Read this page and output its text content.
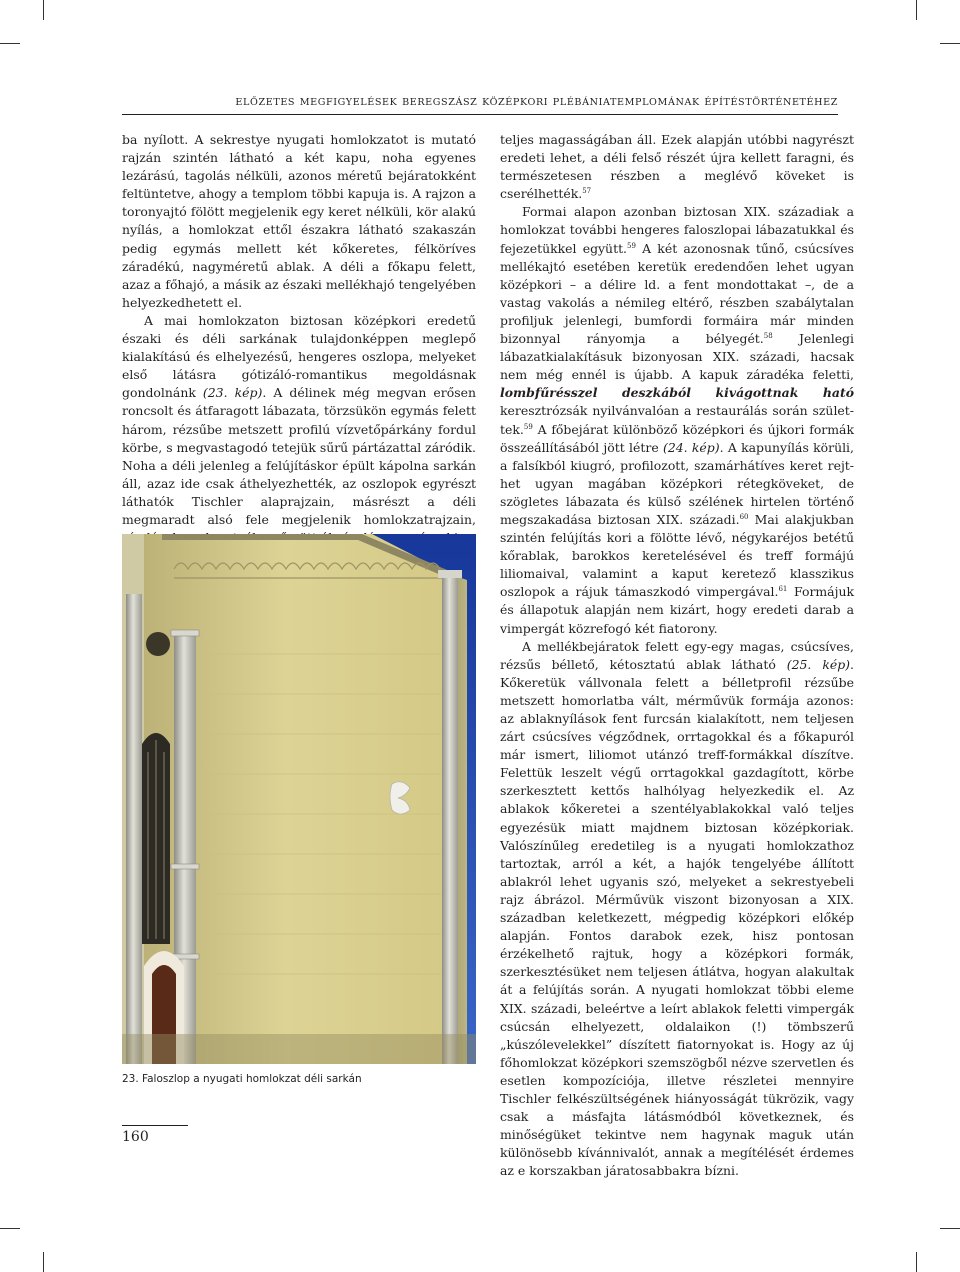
ELŐZETES MEGFIGYELÉSEK BEREGSZÁSZ KÖZÉPKORI PLÉBÁNIATEMPLOMÁNAK ÉPÍTÉSTÖRTÉNETÉHEZ

ba nyílott. A sekrestye nyugati homlokzatot is mutató rajzán szintén látható a két kapu, noha egyenes lezárású, tagolás nélküli, azonos méretű bejáratokként feltüntetve, ahogy a templom többi kapuja is. A rajzon a toronyajtó fölött megjelenik egy keret nélküli, kör alakú nyílás, a homlokzat ettől északra látható szakaszán pedig egymás mellett két kőkeretes, félköríves záradékú, nagyméretű ablak. A déli a főkapu felett, azaz a főhajó, a másik az északi mellékhajó tengelyében helyezkedhetett el.

A mai homlokzaton biztosan középkori eredetű északi és déli sarkának tulajdonképpen meglepő kialakítású és elhelyezésű, hengeres oszlopa, melyeket első látásra gótizáló-romantikus megoldásnak gondolnánk (23. kép). A délinek még megvan erősen roncsolt és átfaragott lábazata, törzsükön egymás felett három, rézsűbe metszett profilú vízvetőpárkány fordul körbe, s megvastagodó tetejük sűrű pártázattal záródik. Noha a déli jelenleg a felújításkor épült kápolna sarkán áll, azaz ide csak áthelyezhették, az oszlopok egyrészt láthatók Tischler alaprajzain, másrészt a déli megmaradt alsó fele megjelenik homlokzatrajzain,

23. Faloszlop a nyugati homlokzat déli sarkán

teljes magasságában áll. Ezek alapján utóbbi nagyrészt eredeti lehet, a déli felső részét újra kellett faragni, és természetesen részben a meglévő köveket is cserélhették.$^{57}$

Formai alapon azonban biztosan XIX. századiak a homlokzat további hengeres faloszlopai lábazatukkal és fejezetükkel együtt.$^{59}$ A két azonosnak tűnő, csúcsíves mellékajtó esetében keretük eredendően lehet ugyan középkori – a délire ld. a fent mondottakat –, de a vastag vakolás a némileg eltérő, részben szabálytalan profiljuk jelenlegi, bumfordi formáira már minden bizonnyal rányomja a bélyegét.$^{58}$ Jelenlegi lábazatkialakításuk bizonyosan XIX. századi, hacsak nem még ennél is újabb. A kapuk záradéka feletti, lombfűrésszel deszkából kivágottnak ható keresztrózsák nyilvánvalóan a restaurálás során születtek.$^{59}$ A főbejárat különböző középkori és újkori formák összeállításából jött létre (24. kép). A kapunyílás körüli, a falsíkból kiugró, profilozott, szamárhátíves keret rejthet ugyan magában középkori rétegköveket, de szögletes lábazata és külső szélének hirtelen történő megszakadása biztosan XIX. századi.$^{60}$ Mai alakjukban szintén felújítás kori a fölötte lévő, négykaréjos betétű kőrablak, barokkos keretelésével és treff formájú liliomaival, valamint a kaput keretező klasszikus oszlopok a rájuk támaszkodó vimpergával.$^{61}$ Formájuk és állapotuk alapján nem kizárt, hogy eredeti darab a vimpergát közrefogó két fiatorony.

A mellékbejáratok felett egy-egy magas, csúcsíves, rézsűs béllető, kétosztatú ablak látható (25. kép). Kőkeretük vállvonala felett a bélletprofil rézsűbe metszett homorlatba vált, mérművük formája azonos: az ablaknyílások fent furcsán kialakított, nem teljesen zárt csúcsíves végződnek, orrtagokkal és a főkapuról már ismert, liliomot utánzó treff-formákkal díszítve. Felettük leszelt végű orrtagokkal gazdagított, körbe szerkesztett kettős halhólyag helyezkedik el. Az ablakok kőkeretei a szentélyablakokkal való teljes egyezésük miatt majdnem biztosan középkoriak. Valószínűleg eredetileg is a nyugati homlokzathoz tartoztak, arról a két, a hajók tengelyébe állított ablakról lehet ugyanis szó, melyeket a sekrestyebeli rajz ábrázol. Mérművük viszont bizonyosan a XIX. században keletkezett, mégpedig középkori előkép alapján. Fontos darabok ezek, hisz pontosan érzékelhető rajtuk, hogy a középkori formák, szerkesztésüket nem teljesen átlátva, hogyan alakultak át a felújítás során. A nyugati homlokzat többi eleme XIX. századi, beleértve a leírt ablakok feletti vimpergák csúcsán elhelyezett, oldalaikon (!) tömbszerű „kúszólevelekkel” díszített fiatornyokat is. Hogy az új főhomlokzat középkori szemszögből nézve szervetlen és esetlen kompozíciója, illetve részletei mennyire Tischler felkészültségének hiányosságát tükrözik, vagy csak a másfajta látásmódból következnek, és minőségüket tekintve nem hagynak maguk után különösebb kívánnivalót, annak a megítélését érdemes az e korszakban járatosabbakra bízni.

160
